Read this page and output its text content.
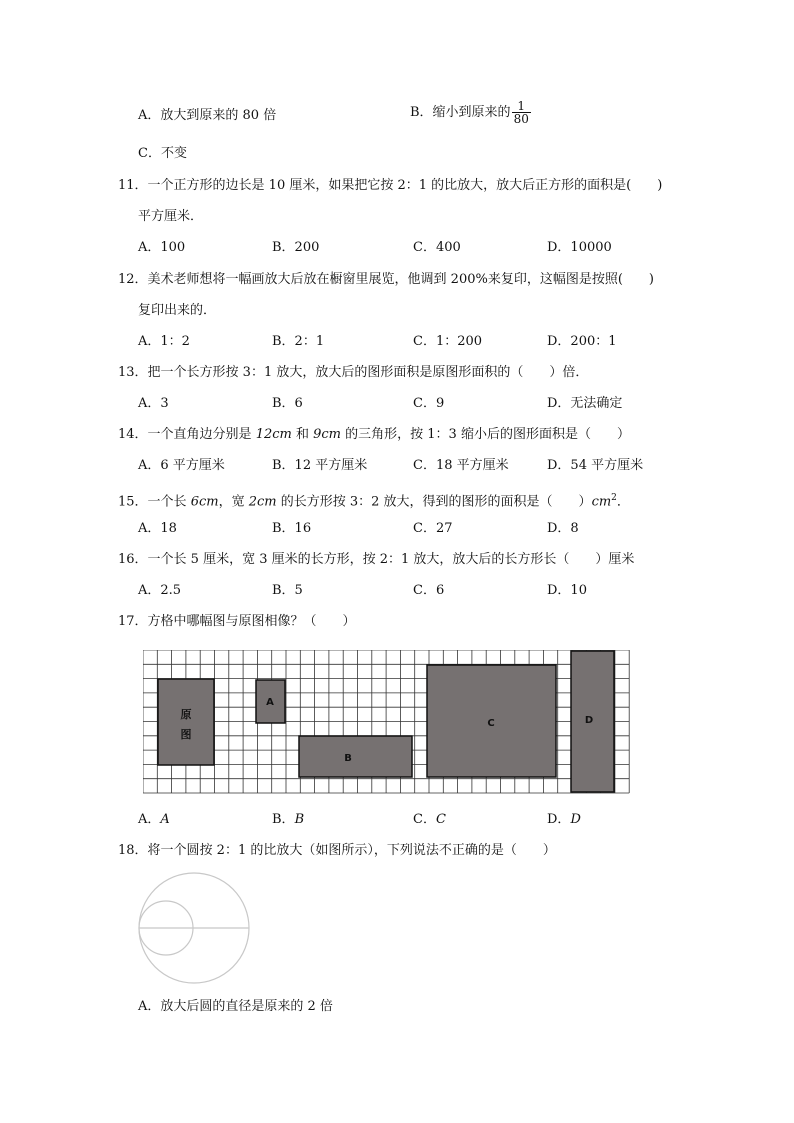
A．放大到原来的 80 倍	B．缩小到原来的 $\frac{1}{80}$
C．不变
11．一个正方形的边长是 10 厘米，如果把它按 2：1 的比放大，放大后正方形的面积是(　　)
平方厘米．
A．100	B．200	C．400	D．10000
12．美术老师想将一幅画放大后放在橱窗里展览，他调到 200%来复印，这幅图是按照(　　)
复印出来的．
A．1：2	B．2：1	C．1：200	D．200：1
13．把一个长方形按 3：1 放大，放大后的图形面积是原图形面积的（　　）倍．
A．3	B．6	C．9	D．无法确定
14．一个直角边分别是 12cm 和 9cm 的三角形，按 1：3 缩小后的图形面积是（　　）
A．6 平方厘米	B．12 平方厘米	C．18 平方厘米	D．54 平方厘米
15．一个长 6cm，宽 2cm 的长方形按 3：2 放大，得到的图形的面积是（　　）$cm^2$．
A．18	B．16	C．27	D．8
16．一个长 5 厘米，宽 3 厘米的长方形，按 2：1 放大，放大后的长方形长（　　）厘米
A．2.5	B．5	C．6	D．10
17．方格中哪幅图与原图相像？（　　）
原
图
A
B
C	D
A．A	B．B	C．C	D．D
18．将一个圆按 2：1 的比放大（如图所示），下列说法不正确的是（　　）
A．放大后圆的直径是原来的 2 倍
